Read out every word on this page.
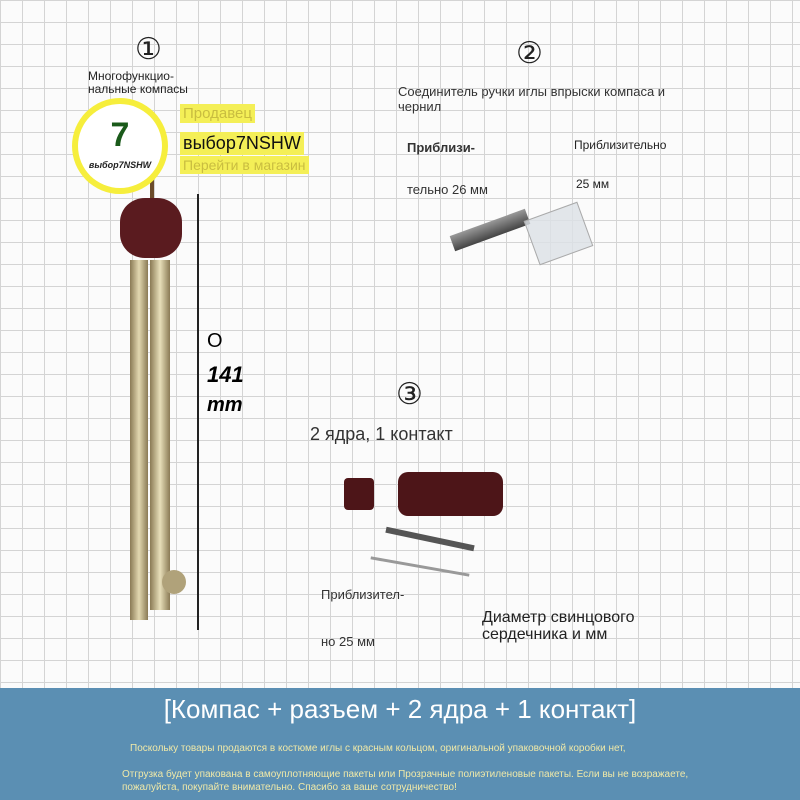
①
Многофункцио-нальные компасы
O
141
mm
7
выбор7NSHW
Продавец
выбор7NSHW
Перейти в магазин
②
Соединитель ручки иглы впрыски компаса и чернил
Приблизи-
тельно 26 мм
Приблизительно
25 мм
③
2 ядра, 1 контакт
Приблизител-
но 25 мм
Диаметр свинцового
сердечника и мм
[Компас + разъем + 2 ядра + 1 контакт]
Поскольку товары продаются в костюме иглы с красным кольцом, оригинальной упаковочной коробки нет,
Отгрузка будет упакована в самоуплотняющие пакеты или Прозрачные полиэтиленовые пакеты. Если вы не возражаете, пожалуйста, покупайте внимательно. Спасибо за ваше сотрудничество!
